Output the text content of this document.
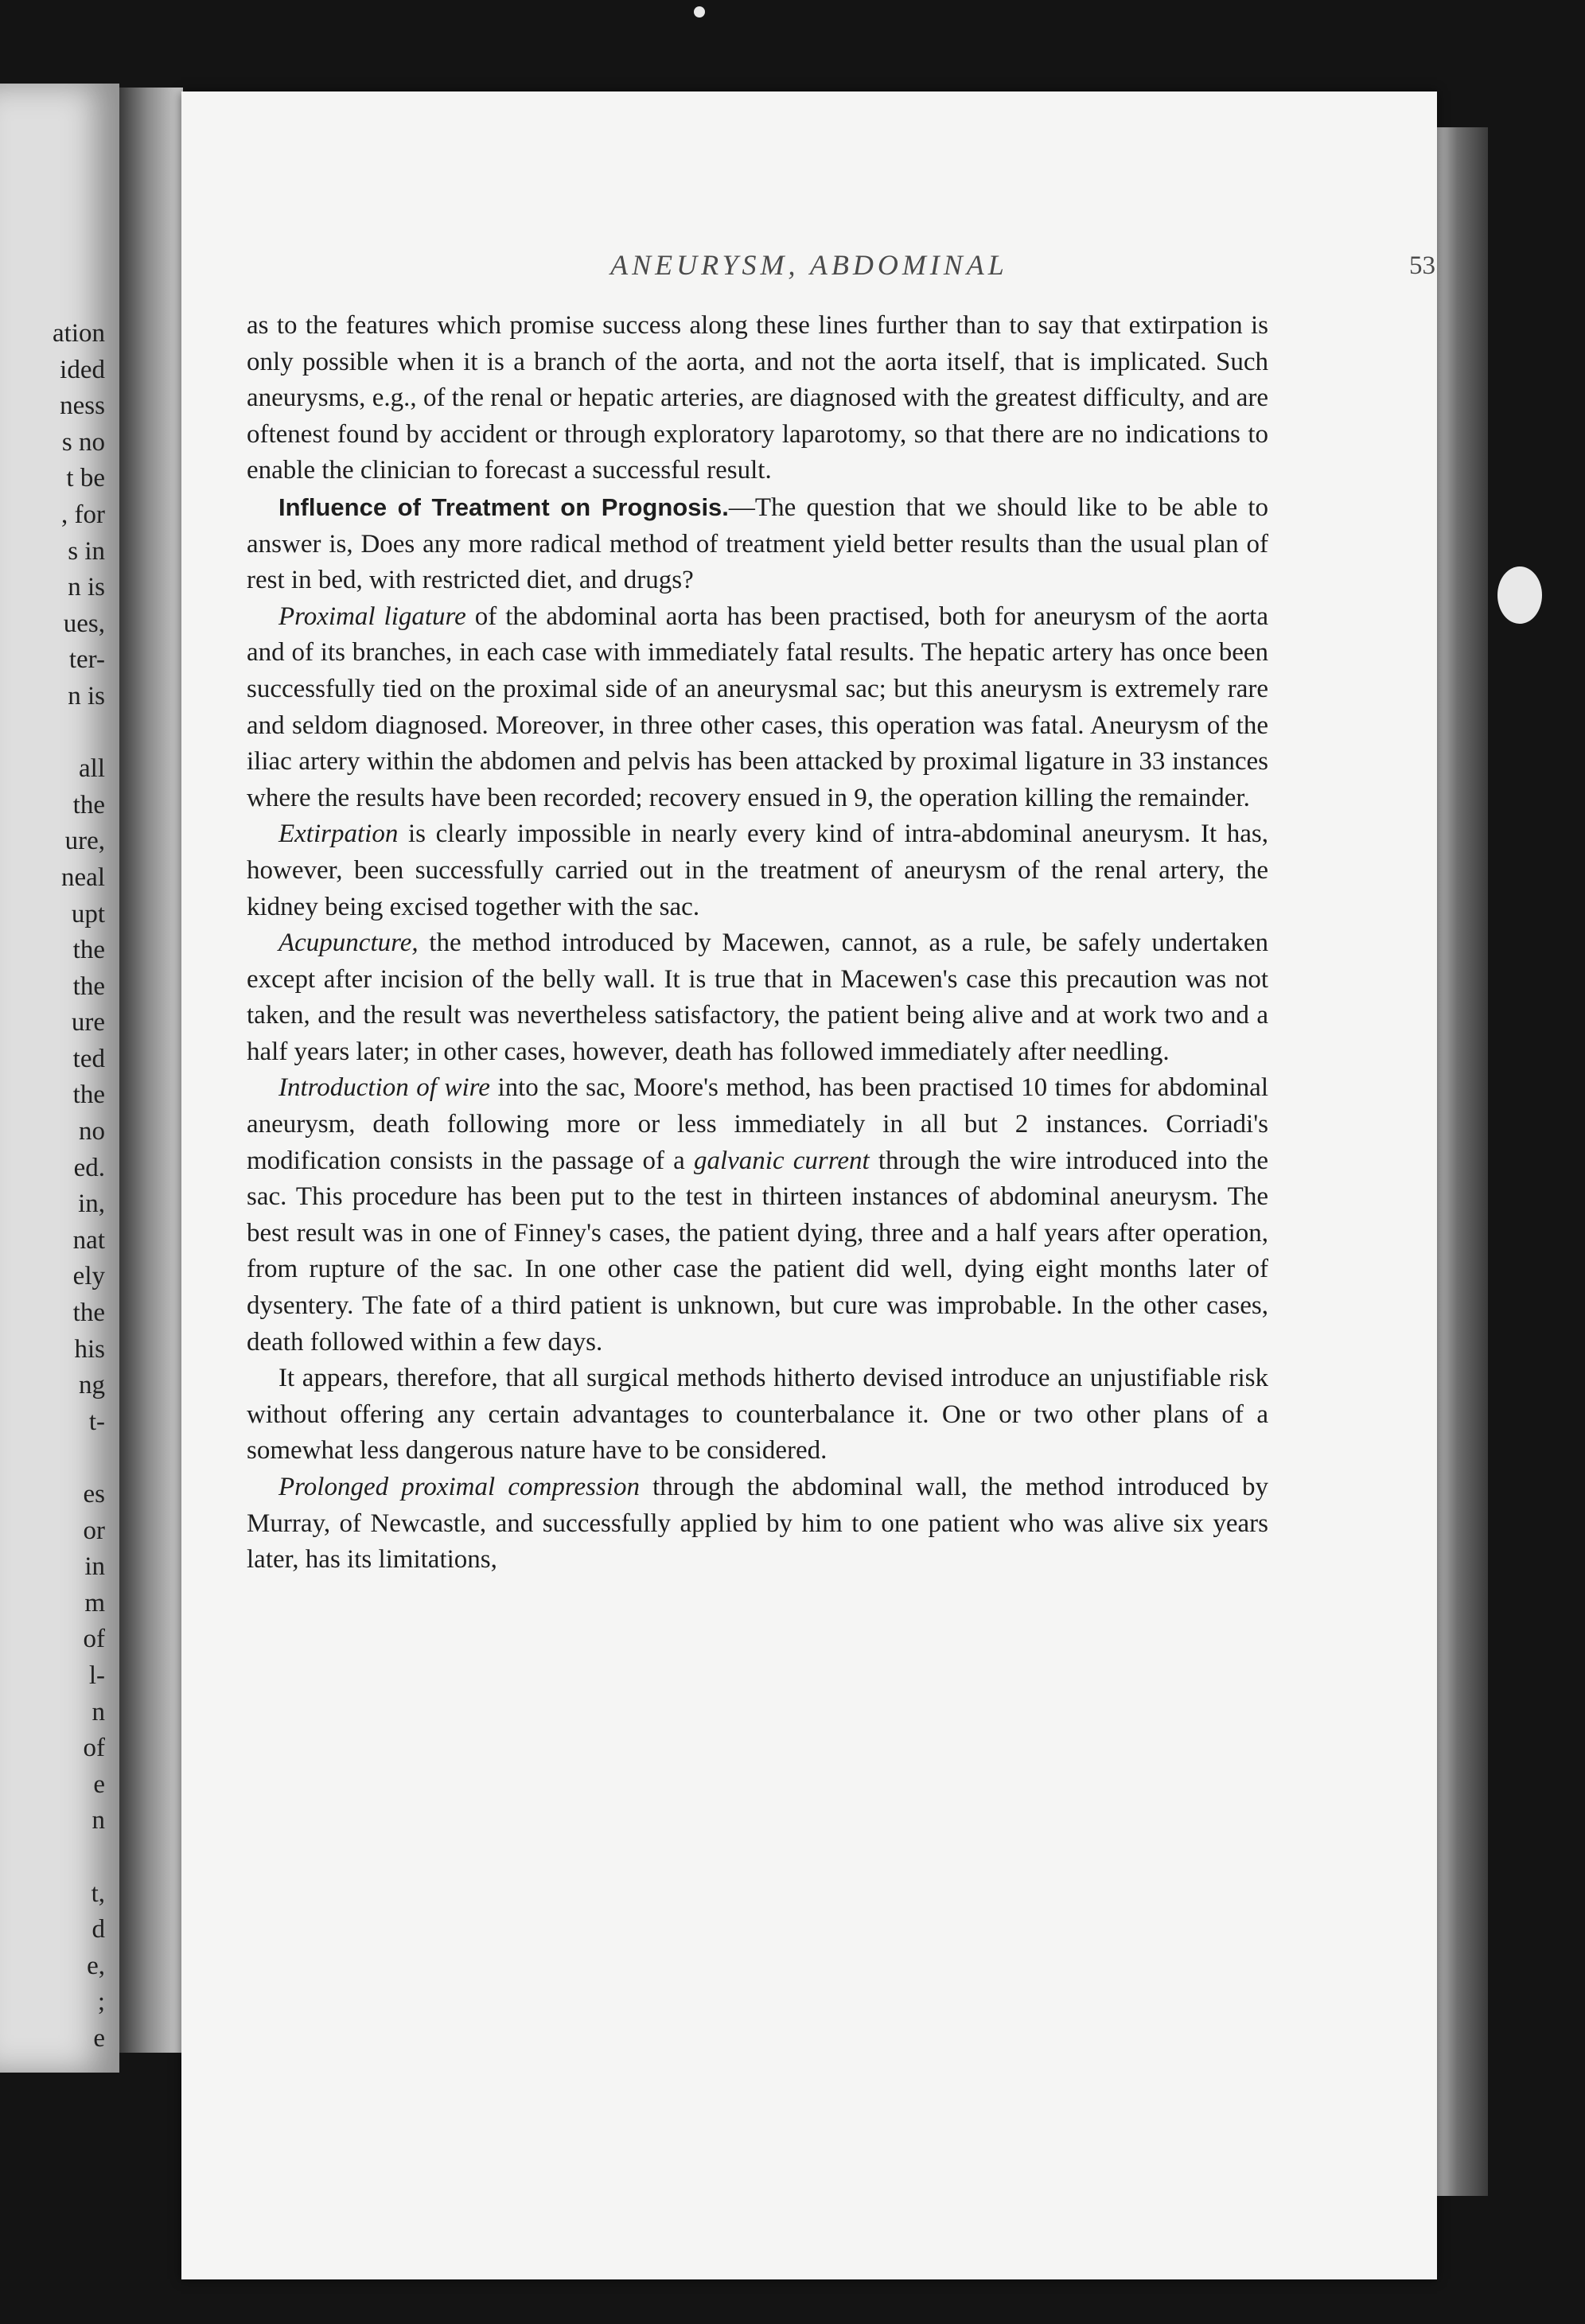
ation
ided
ness
s no
t be
, for
s in
n is
ues,
ter-
n is
all
the
ure,
neal
upt
the
the
ure
ted
the
no
ed.
in,
nat
ely
the
his
ng
t-
es
or
in
m
of
l-
n
of
e
n
t,
d
e,
;
e
ANEURYSM, ABDOMINAL	53

as to the features which promise success along these lines further than to say that extirpation is only possible when it is a branch of the aorta, and not the aorta itself, that is implicated. Such aneurysms, e.g., of the renal or hepatic arteries, are diagnosed with the greatest difficulty, and are oftenest found by accident or through exploratory laparotomy, so that there are no indications to enable the clinician to forecast a successful result.

Influence of Treatment on Prognosis.—The question that we should like to be able to answer is, Does any more radical method of treatment yield better results than the usual plan of rest in bed, with restricted diet, and drugs?

Proximal ligature of the abdominal aorta has been practised, both for aneurysm of the aorta and of its branches, in each case with immediately fatal results. The hepatic artery has once been successfully tied on the proximal side of an aneurysmal sac; but this aneurysm is extremely rare and seldom diagnosed. Moreover, in three other cases, this operation was fatal. Aneurysm of the iliac artery within the abdomen and pelvis has been attacked by proximal ligature in 33 instances where the results have been recorded; recovery ensued in 9, the operation killing the remainder.

Extirpation is clearly impossible in nearly every kind of intra-abdominal aneurysm. It has, however, been successfully carried out in the treatment of aneurysm of the renal artery, the kidney being excised together with the sac.

Acupuncture, the method introduced by Macewen, cannot, as a rule, be safely undertaken except after incision of the belly wall. It is true that in Macewen's case this precaution was not taken, and the result was nevertheless satisfactory, the patient being alive and at work two and a half years later; in other cases, however, death has followed immediately after needling.

Introduction of wire into the sac, Moore's method, has been practised 10 times for abdominal aneurysm, death following more or less immediately in all but 2 instances. Corriadi's modification consists in the passage of a galvanic current through the wire introduced into the sac. This procedure has been put to the test in thirteen instances of abdominal aneurysm. The best result was in one of Finney's cases, the patient dying, three and a half years after operation, from rupture of the sac. In one other case the patient did well, dying eight months later of dysentery. The fate of a third patient is unknown, but cure was improbable. In the other cases, death followed within a few days.

It appears, therefore, that all surgical methods hitherto devised introduce an unjustifiable risk without offering any certain advantages to counterbalance it. One or two other plans of a somewhat less dangerous nature have to be considered.

Prolonged proximal compression through the abdominal wall, the method introduced by Murray, of Newcastle, and successfully applied by him to one patient who was alive six years later, has its limitations,
